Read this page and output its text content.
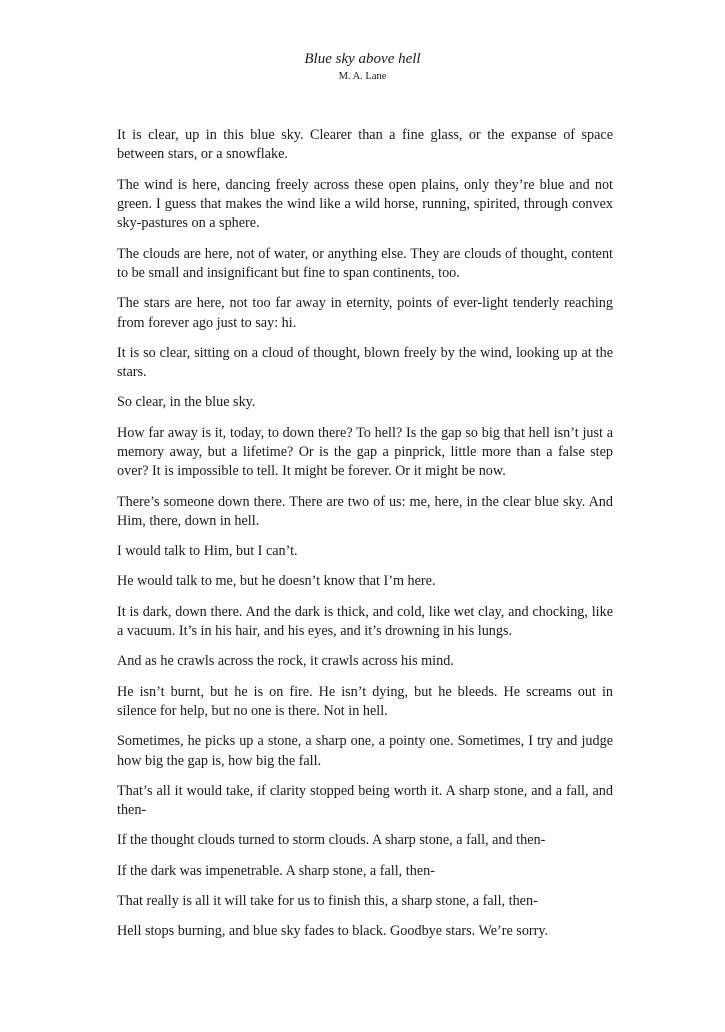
Blue sky above hell

M. A. Lane

It is clear, up in this blue sky. Clearer than a fine glass, or the expanse of space between stars, or a snowflake.

The wind is here, dancing freely across these open plains, only they’re blue and not green. I guess that makes the wind like a wild horse, running, spirited, through convex sky-pastures on a sphere.

The clouds are here, not of water, or anything else. They are clouds of thought, content to be small and insignificant but fine to span continents, too.

The stars are here, not too far away in eternity, points of ever-light tenderly reaching from forever ago just to say: hi.

It is so clear, sitting on a cloud of thought, blown freely by the wind, looking up at the stars.

So clear, in the blue sky.

How far away is it, today, to down there? To hell? Is the gap so big that hell isn’t just a memory away, but a lifetime? Or is the gap a pinprick, little more than a false step over? It is impossible to tell. It might be forever. Or it might be now.

There’s someone down there. There are two of us: me, here, in the clear blue sky. And Him, there, down in hell.

I would talk to Him, but I can’t.

He would talk to me, but he doesn’t know that I’m here.

It is dark, down there. And the dark is thick, and cold, like wet clay, and chocking, like a vacuum. It’s in his hair, and his eyes, and it’s drowning in his lungs.

And as he crawls across the rock, it crawls across his mind.

He isn’t burnt, but he is on fire. He isn’t dying, but he bleeds. He screams out in silence for help, but no one is there. Not in hell.

Sometimes, he picks up a stone, a sharp one, a pointy one. Sometimes, I try and judge how big the gap is, how big the fall.

That’s all it would take, if clarity stopped being worth it. A sharp stone, and a fall, and then-

If the thought clouds turned to storm clouds. A sharp stone, a fall, and then-

If the dark was impenetrable. A sharp stone, a fall, then-

That really is all it will take for us to finish this, a sharp stone, a fall, then-

Hell stops burning, and blue sky fades to black. Goodbye stars. We’re sorry.
